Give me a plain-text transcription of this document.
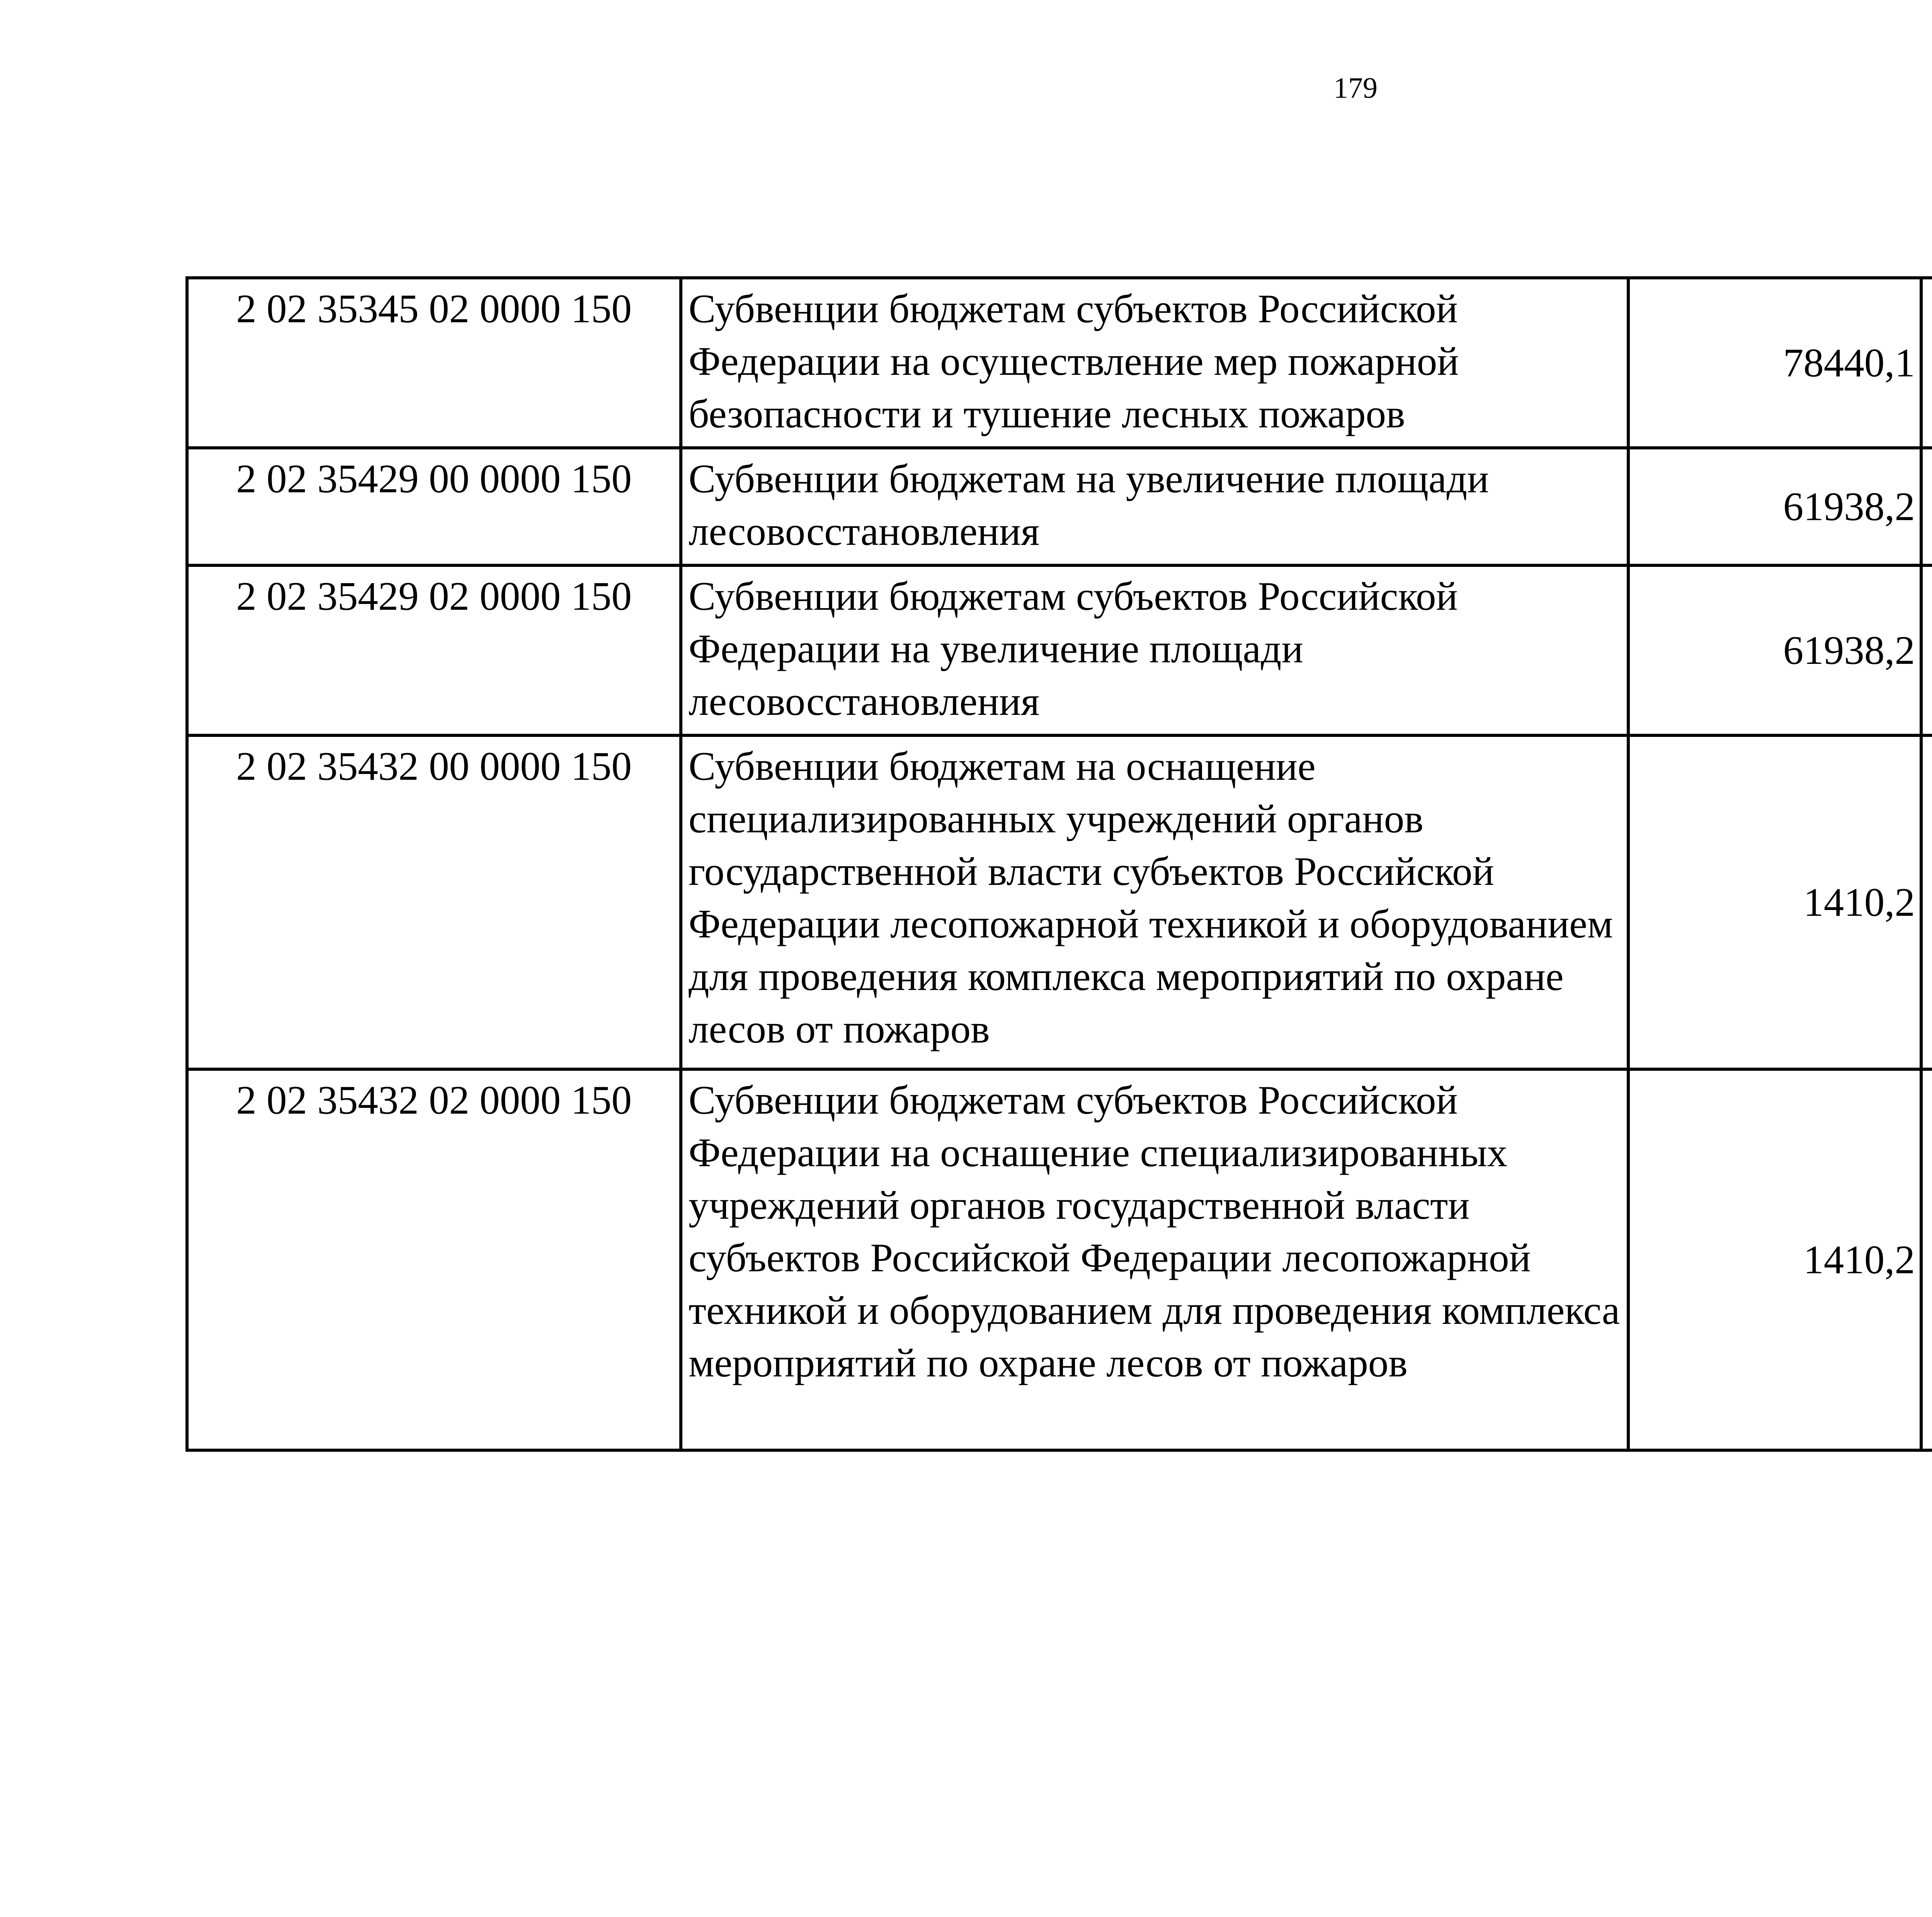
179
2 02 35345 02 0000 150	Субвенции бюджетам субъектов Российской Федерации на осуществление мер пожарной безопасности и тушение лесных пожаров	78440,1		
2 02 35429 00 0000 150	Субвенции бюджетам на увеличение площади лесовосстановления	61938,2		
2 02 35429 02 0000 150	Субвенции бюджетам субъектов Российской Федерации на увеличение площади лесовосстановления	61938,2		
2 02 35432 00 0000 150	Субвенции бюджетам на оснащение специализированных учреждений органов государственной власти субъектов Российской Федерации лесопожарной техникой и оборудованием для проведения комплекса мероприятий по охране лесов от пожаров	1410,2		
2 02 35432 02 0000 150	Субвенции бюджетам субъектов Российской Федерации на оснащение специализированных учреждений органов государственной власти субъектов Российской Федерации лесопожарной техникой и оборудованием для проведения комплекса мероприятий по охране лесов от пожаров	1410,2		
